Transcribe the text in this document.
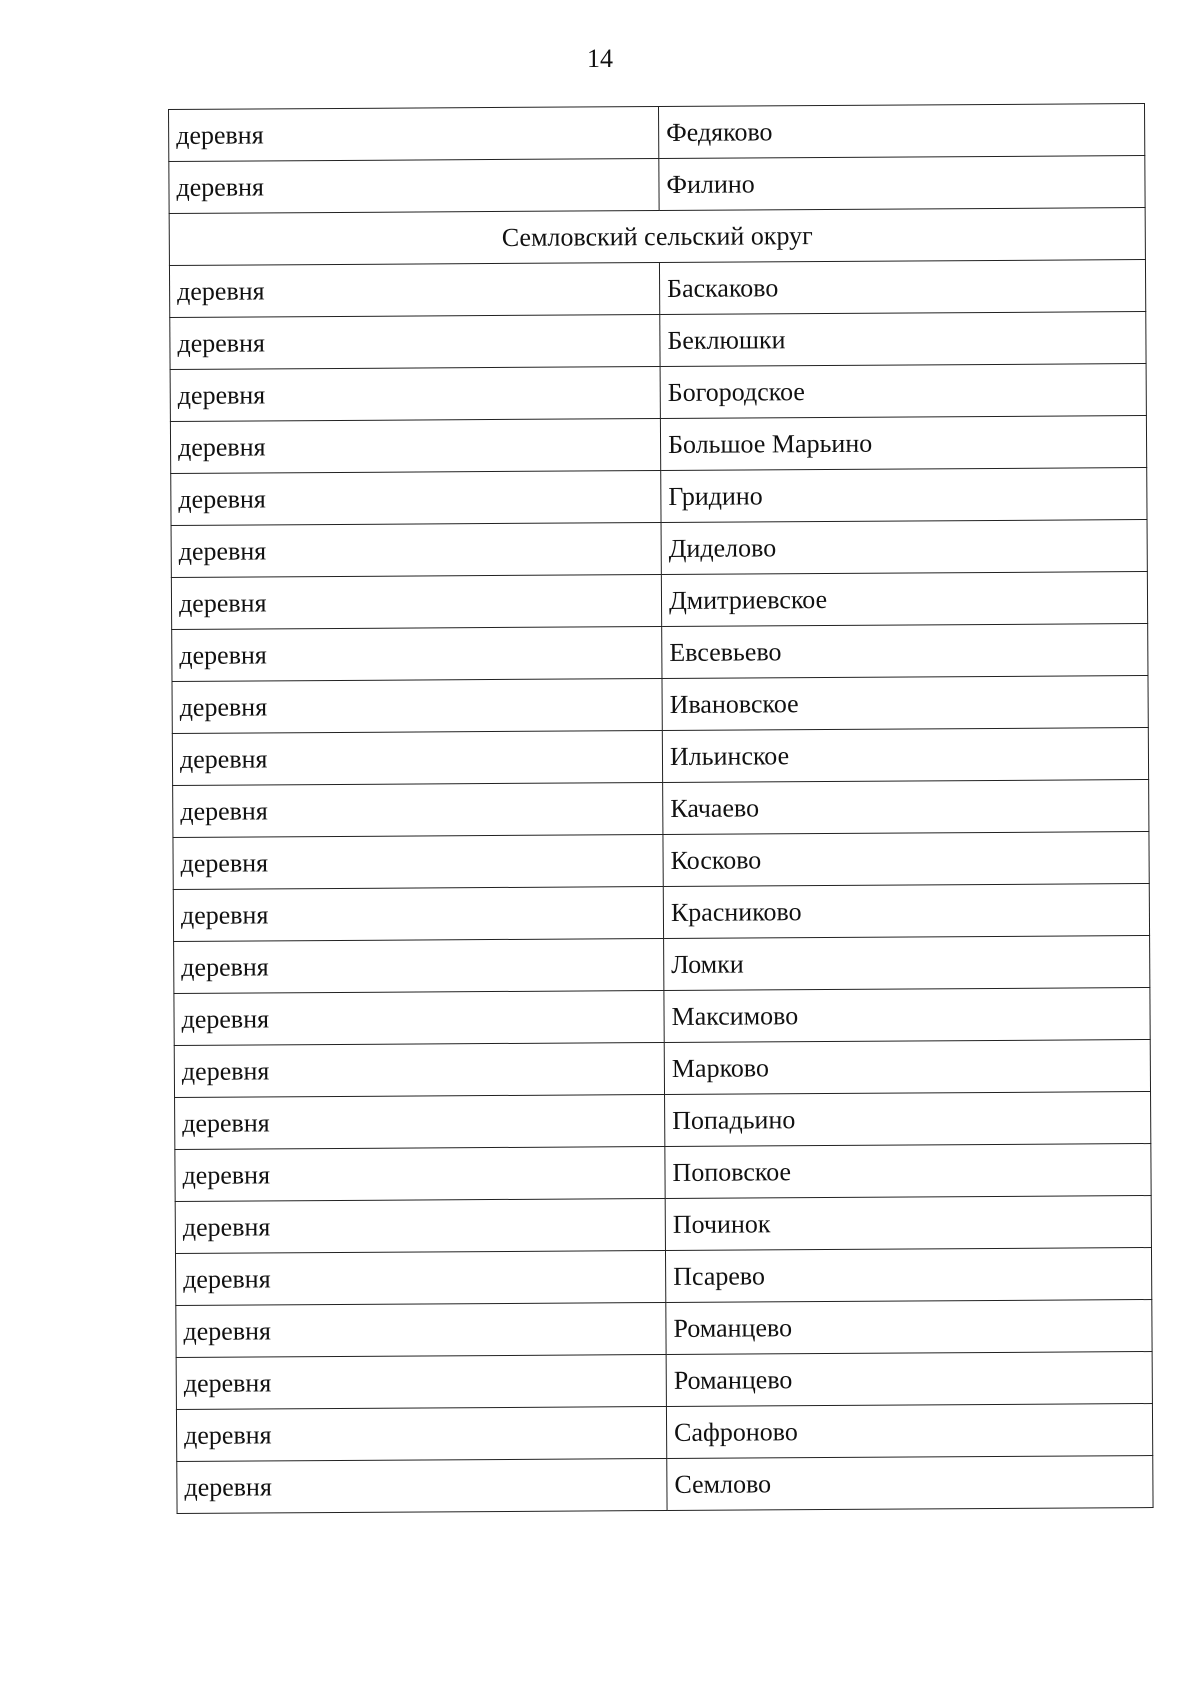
14
деревня	Федяково
деревня	Филино
Семловский сельский округ	
деревня	Баскаково
деревня	Беклюшки
деревня	Богородское
деревня	Большое Марьино
деревня	Гридино
деревня	Диделово
деревня	Дмитриевское
деревня	Евсевьево
деревня	Ивановское
деревня	Ильинское
деревня	Качаево
деревня	Косково
деревня	Красниково
деревня	Ломки
деревня	Максимово
деревня	Марково
деревня	Попадьино
деревня	Поповское
деревня	Починок
деревня	Псарево
деревня	Романцево
деревня	Романцево
деревня	Сафроново
деревня	Семлово
